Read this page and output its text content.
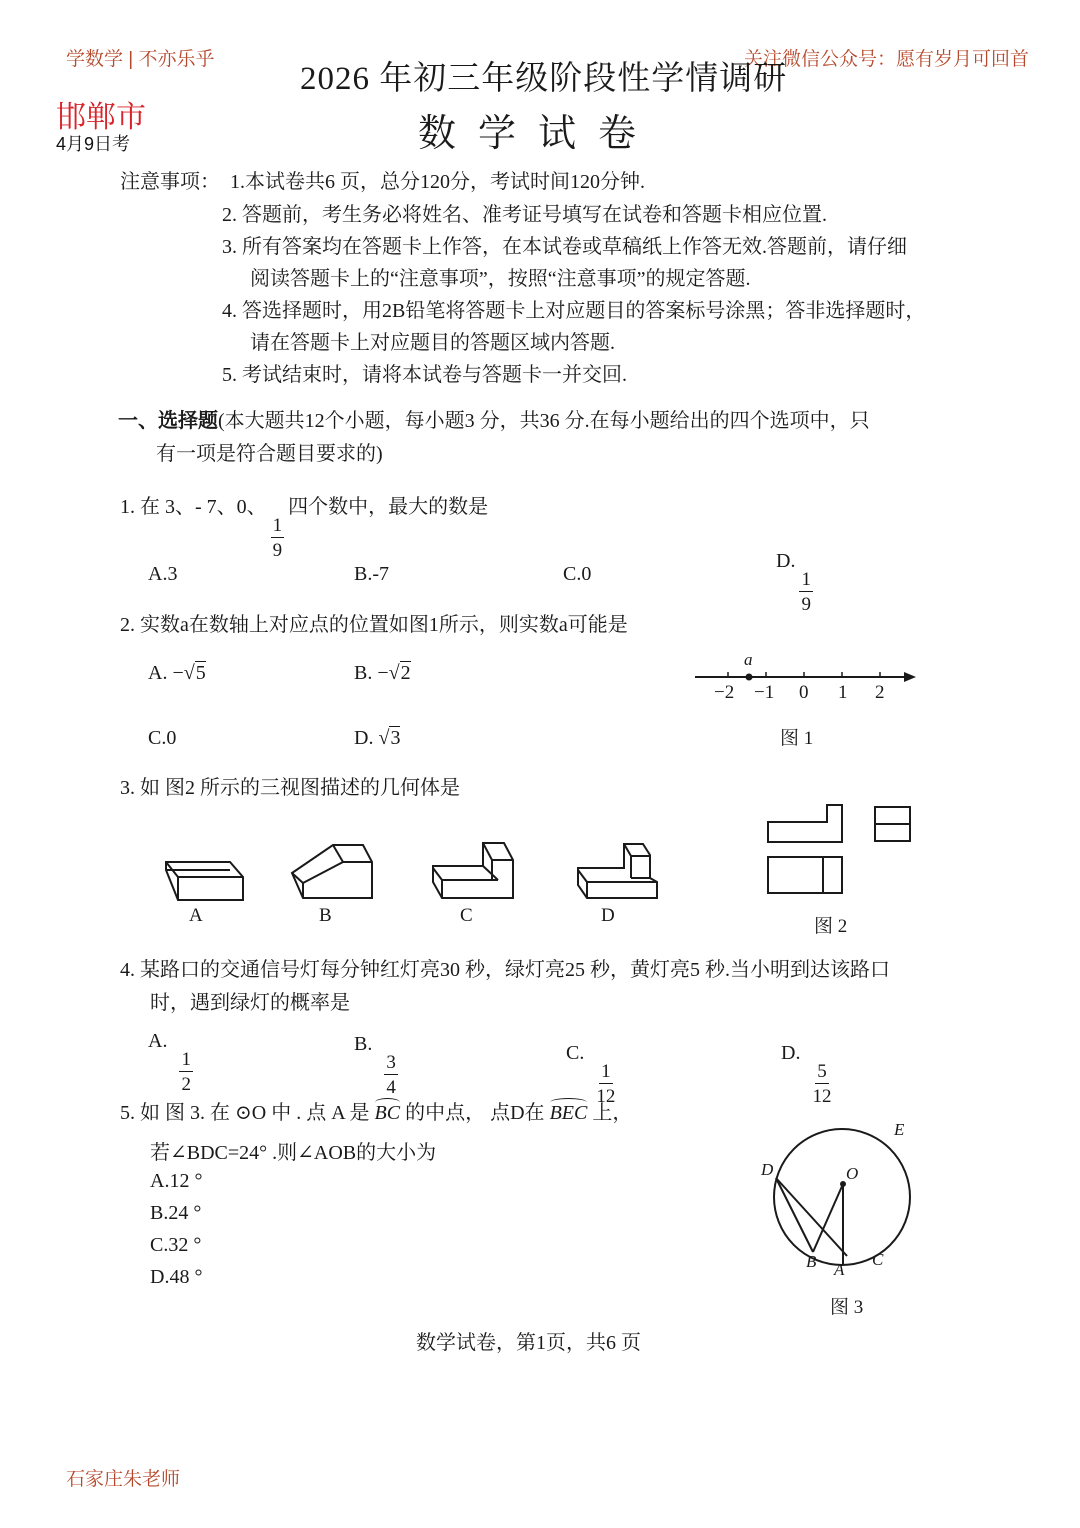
学数学 | 不亦乐乎	关注微信公众号：愿有岁月可回首
邯郸市
4月9日考
2026 年初三年级阶段性学情调研
数学试卷
注意事项： 1.本试卷共6 页，总分120分，考试时间120分钟.
2. 答题前，考生务必将姓名、准考证号填写在试卷和答题卡相应位置.
3. 所有答案均在答题卡上作答，在本试卷或草稿纸上作答无效.答题前，请仔细
阅读答题卡上的“注意事项”，按照“注意事项”的规定答题.
4. 答选择题时，用2B铅笔将答题卡上对应题目的答案标号涂黑；答非选择题时，
请在答题卡上对应题目的答题区域内答题.
5. 考试结束时，请将本试卷与答题卡一并交回.
一、选择题(本大题共12个小题，每小题3 分，共36 分.在每小题给出的四个选项中，只
有一项是符合题目要求的)
1. 在 3、- 7、0、
$\frac{1}{9}$
四个数中，最大的数是
A.3	B.-7	C.0
D.
$\frac{1}{9}$
2. 实数a在数轴上对应点的位置如图1所示，则实数a可能是
A. −√5	B. −√2
C.0	D. √3
a
−2 −1 0 1 2
图 1
3. 如 图2 所示的三视图描述的几何体是
A	B	C	D
图 2
4. 某路口的交通信号灯每分钟红灯亮30 秒，绿灯亮25 秒，黄灯亮5 秒.当小明到达该路口
时，遇到绿灯的概率是
A.
$\frac{1}{2}$
B.
$\frac{3}{4}$	C.
$\frac{1}{12}$
D.
$\frac{5}{12}$
5. 如 图 3. 在 ⊙O 中 . 点 A 是 BC 的中点， 点D在 BEC 上，
若∠BDC=24° .则∠AOB的大小为
A.12 °
B.24 °
C.32 °
D.48 °
D	O
E
B A
C
图 3
数学试卷，第1页，共6 页
石家庄朱老师
